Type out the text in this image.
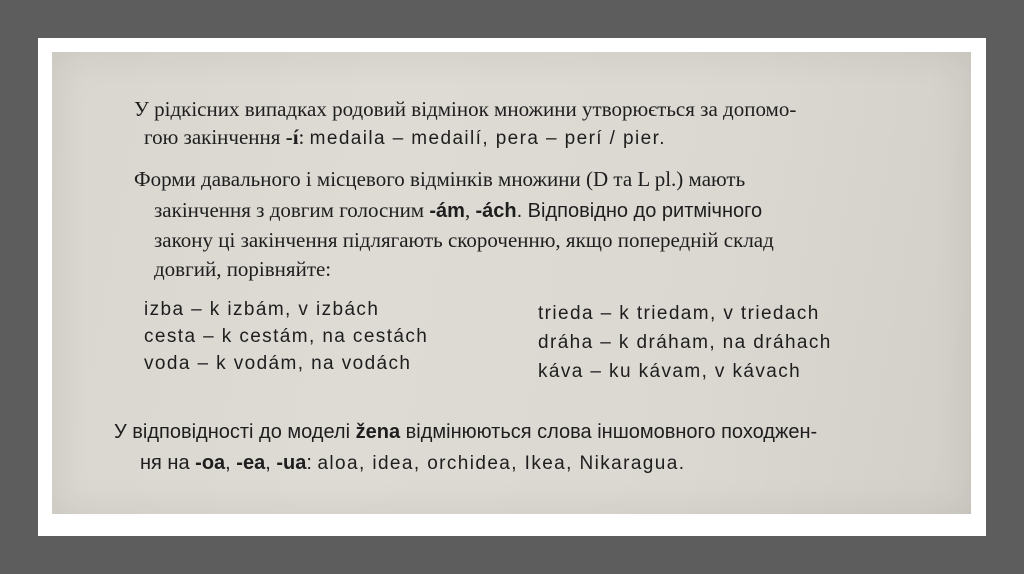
У рідкісних випадках родовий відмінок множини утворюється за допомо-
гою закінчення -í: medaila – medailí, pera – perí / pier.
Форми давального і місцевого відмінків множини (D та L pl.) мають
закінчення з довгим голосним -ám, -ách. Відповідно до ритмічного
закону ці закінчення підлягають скороченню, якщо попередній склад
довгий, порівняйте:
izba – k izbám, v izbách
cesta – k cestám, na cestách
voda – k vodám, na vodách
trieda – k triedam, v triedach
dráha – k dráham, na dráhach
káva – ku kávam, v kávach
У відповідності до моделі žena відмінюються слова іншомовного походжен-
ня на -oa, -ea, -ua: aloa, idea, orchidea, Ikea, Nikaragua.
